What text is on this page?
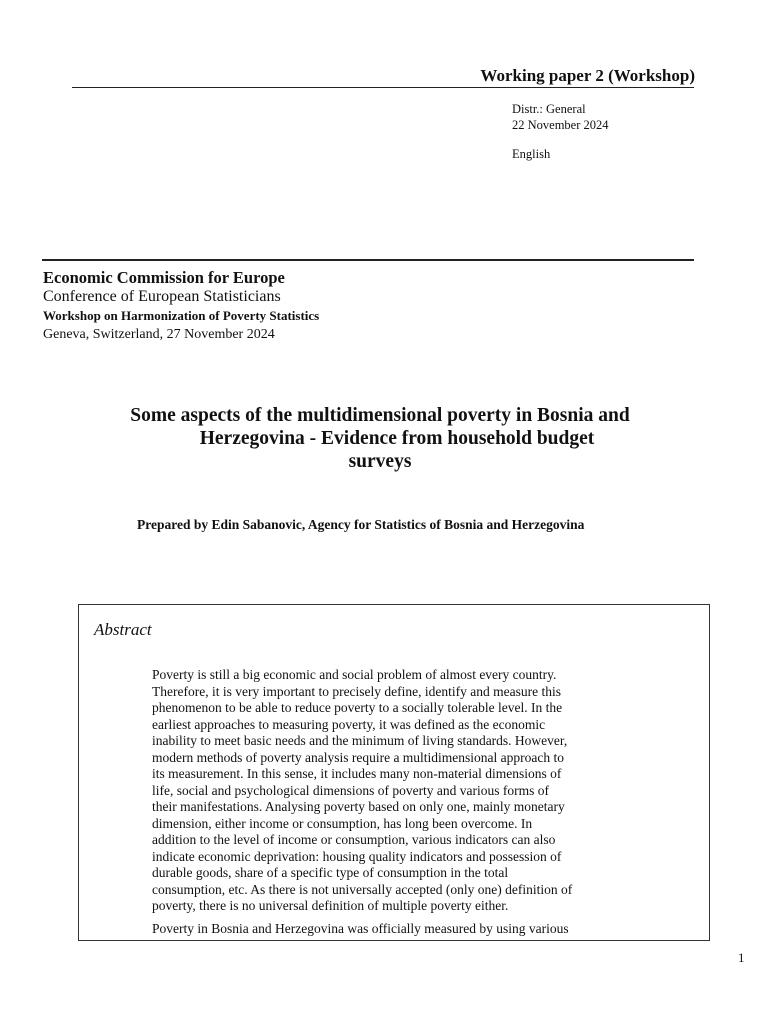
Working paper 2 (Workshop)
Distr.: General
22 November 2024
English
Economic Commission for Europe
Conference of European Statisticians
Workshop on Harmonization of Poverty Statistics
Geneva, Switzerland, 27 November 2024
Some aspects of the multidimensional poverty in Bosnia and
Herzegovina - Evidence from household budget
surveys
Prepared by Edin Sabanovic, Agency for Statistics of Bosnia and Herzegovina
Abstract
Poverty is still a big economic and social problem of almost every country.
Therefore, it is very important to precisely define, identify and measure this
phenomenon to be able to reduce poverty to a socially tolerable level. In the
earliest approaches to measuring poverty, it was defined as the economic
inability to meet basic needs and the minimum of living standards. However,
modern methods of poverty analysis require a multidimensional approach to
its measurement. In this sense, it includes many non-material dimensions of
life, social and psychological dimensions of poverty and various forms of
their manifestations. Analysing poverty based on only one, mainly monetary
dimension, either income or consumption, has long been overcome. In
addition to the level of income or consumption, various indicators can also
indicate economic deprivation: housing quality indicators and possession of
durable goods, share of a specific type of consumption in the total
consumption, etc. As there is not universally accepted (only one) definition of
poverty, there is no universal definition of multiple poverty either.
Poverty in Bosnia and Herzegovina was officially measured by using various
1
